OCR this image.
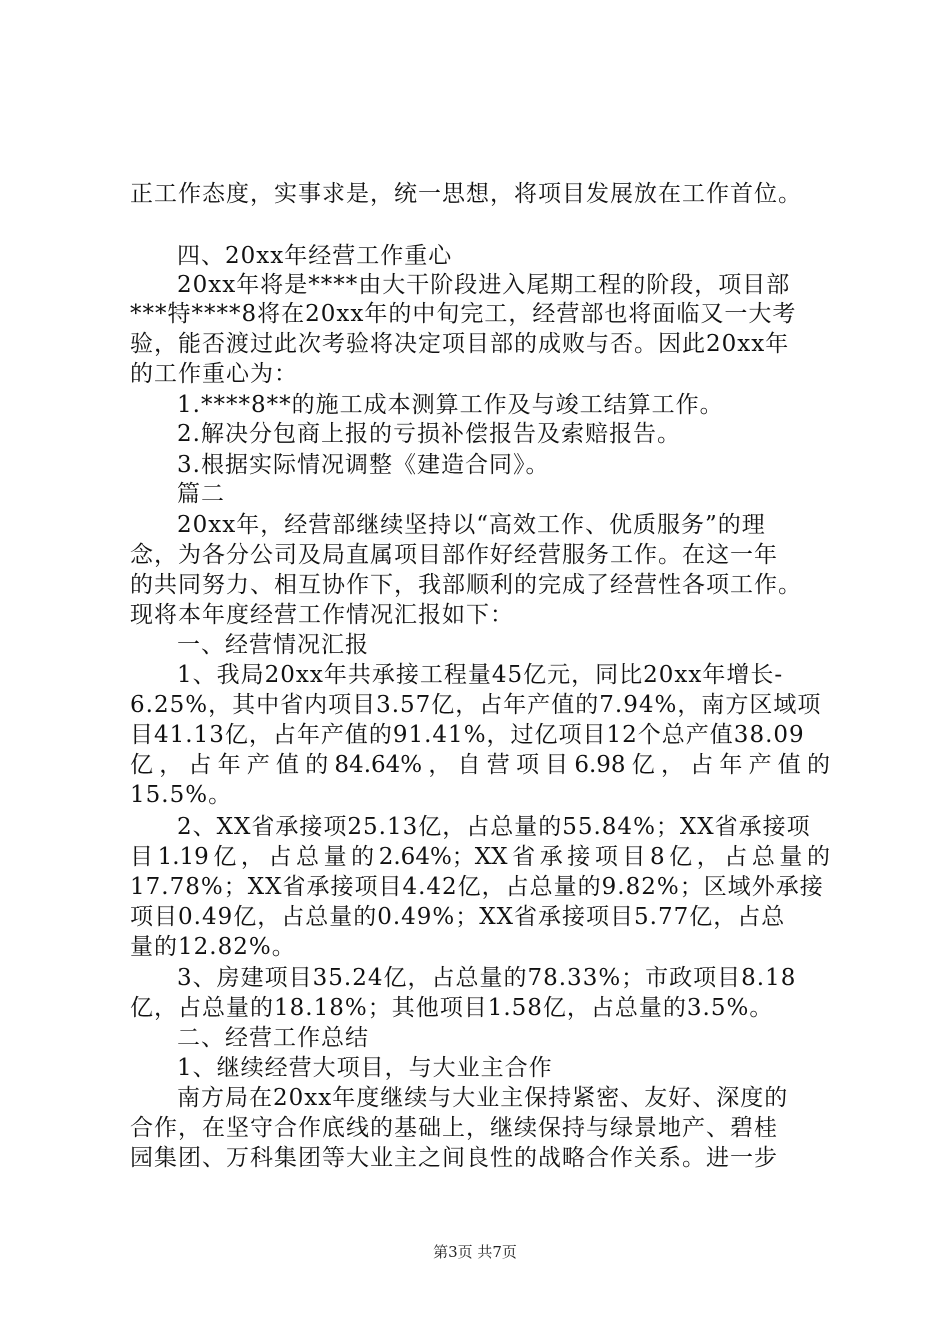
正工作态度，实事求是，统一思想，将项目发展放在工作首位。
四、20xx年经营工作重心
20xx年将是****由大干阶段进入尾期工程的阶段，项目部
***特****8将在20xx年的中旬完工，经营部也将面临又一大考
验，能否渡过此次考验将决定项目部的成败与否。因此20xx年
的工作重心为：
1.****8**的施工成本测算工作及与竣工结算工作。
2.解决分包商上报的亏损补偿报告及索赔报告。
3.根据实际情况调整《建造合同》。
篇二
20xx年，经营部继续坚持以“高效工作、优质服务”的理
念，为各分公司及局直属项目部作好经营服务工作。在这一年
的共同努力、相互协作下，我部顺利的完成了经营性各项工作。
现将本年度经营工作情况汇报如下：
一、经营情况汇报
1、我局20xx年共承接工程量45亿元，同比20xx年增长-
6.25%，其中省内项目3.57亿，占年产值的7.94%，南方区域项
目41.13亿，占年产值的91.41%，过亿项目12个总产值38.09
亿，占年产值的84.64%，自营项目6.98亿，占年产值的
15.5%。
2、XX省承接项25.13亿，占总量的55.84%；XX省承接项
目1.19亿，占总量的2.64%；XX省承接项目8亿，占总量的
17.78%；XX省承接项目4.42亿，占总量的9.82%；区域外承接
项目0.49亿，占总量的0.49%；XX省承接项目5.77亿，占总
量的12.82%。
3、房建项目35.24亿，占总量的78.33%；市政项目8.18
亿，占总量的18.18%；其他项目1.58亿，占总量的3.5%。
二、经营工作总结
1、继续经营大项目，与大业主合作
南方局在20xx年度继续与大业主保持紧密、友好、深度的
合作，在坚守合作底线的基础上，继续保持与绿景地产、碧桂
园集团、万科集团等大业主之间良性的战略合作关系。进一步
第3页 共7页
